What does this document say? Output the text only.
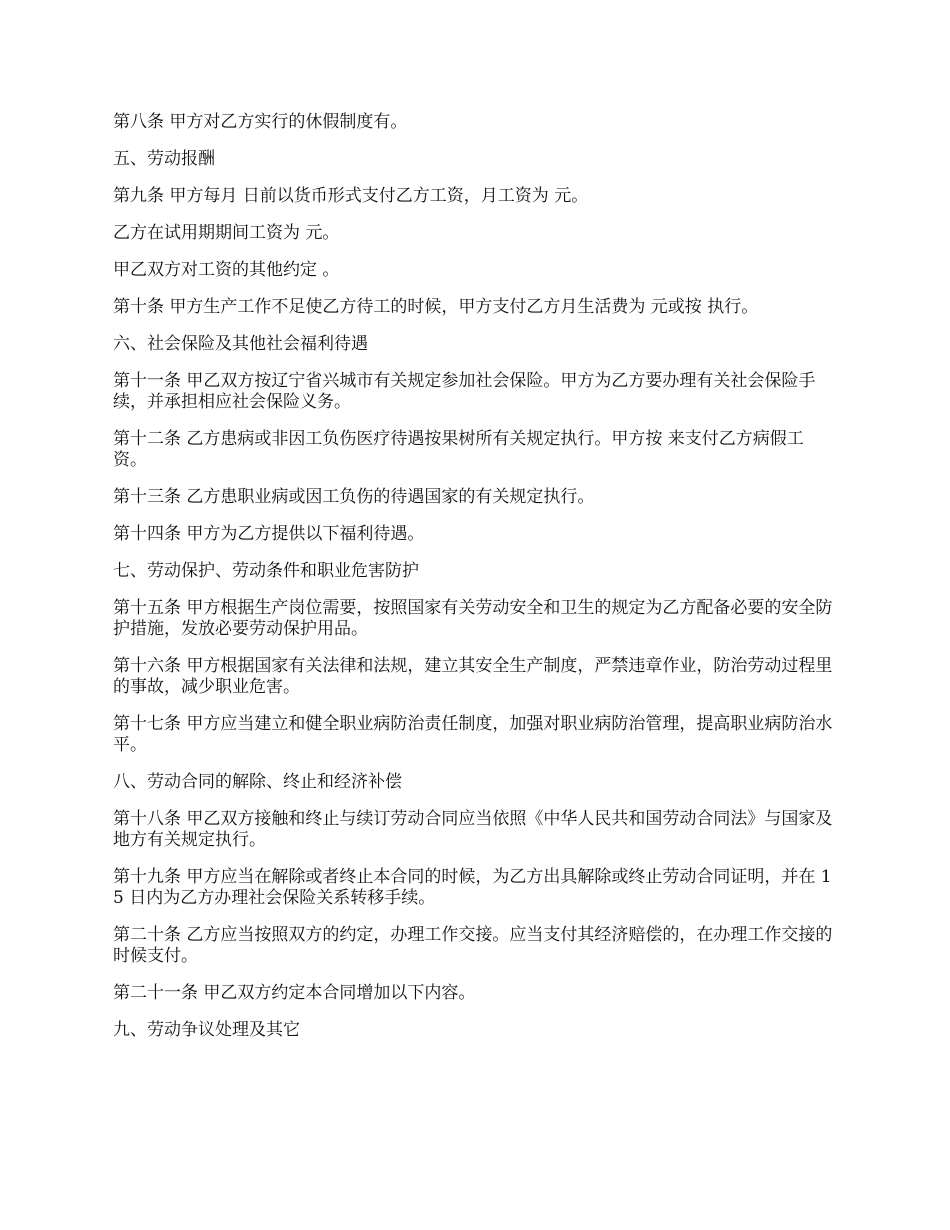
第八条 甲方对乙方实行的休假制度有。

五、劳动报酬

第九条 甲方每月 日前以货币形式支付乙方工资，月工资为 元。

乙方在试用期期间工资为 元。

甲乙双方对工资的其他约定 。

第十条 甲方生产工作不足使乙方待工的时候，甲方支付乙方月生活费为 元或按 执行。

六、社会保险及其他社会福利待遇

第十一条 甲乙双方按辽宁省兴城市有关规定参加社会保险。甲方为乙方要办理有关社会保险手续，并承担相应社会保险义务。

第十二条 乙方患病或非因工负伤医疗待遇按果树所有关规定执行。甲方按 来支付乙方病假工资。

第十三条 乙方患职业病或因工负伤的待遇国家的有关规定执行。

第十四条 甲方为乙方提供以下福利待遇。

七、劳动保护、劳动条件和职业危害防护

第十五条 甲方根据生产岗位需要，按照国家有关劳动安全和卫生的规定为乙方配备必要的安全防护措施，发放必要劳动保护用品。

第十六条 甲方根据国家有关法律和法规，建立其安全生产制度，严禁违章作业，防治劳动过程里的事故，减少职业危害。

第十七条 甲方应当建立和健全职业病防治责任制度，加强对职业病防治管理，提高职业病防治水平。

八、劳动合同的解除、终止和经济补偿

第十八条 甲乙双方接触和终止与续订劳动合同应当依照《中华人民共和国劳动合同法》与国家及地方有关规定执行。

第十九条 甲方应当在解除或者终止本合同的时候，为乙方出具解除或终止劳动合同证明，并在 15 日内为乙方办理社会保险关系转移手续。

第二十条 乙方应当按照双方的约定，办理工作交接。应当支付其经济赔偿的，在办理工作交接的时候支付。

第二十一条 甲乙双方约定本合同增加以下内容。

九、劳动争议处理及其它
